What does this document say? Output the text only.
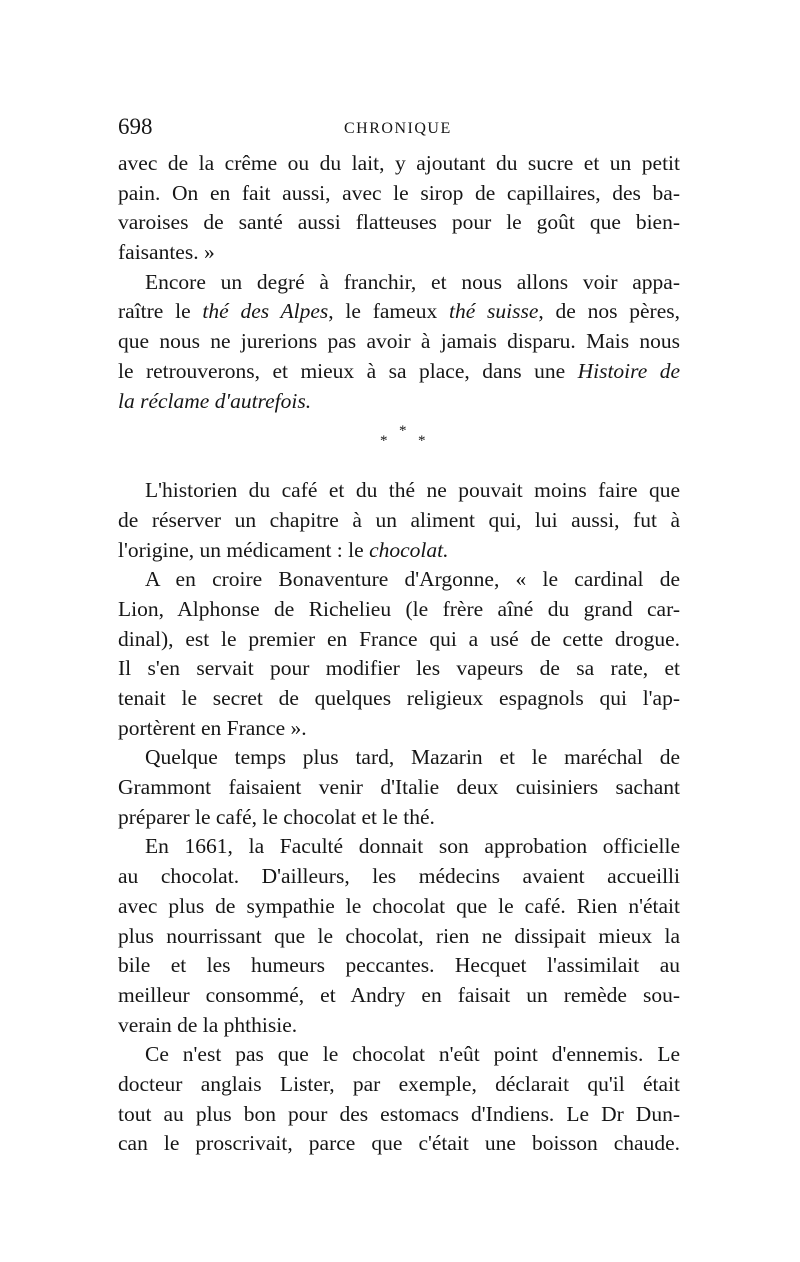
698	CHRONIQUE
avec de la crême ou du lait, y ajoutant du sucre et un petit
pain. On en fait aussi, avec le sirop de capillaires, des ba-
varoises de santé aussi flatteuses pour le goût que bien-
faisantes. »
Encore un degré à franchir, et nous allons voir appa-
raître le thé des Alpes, le fameux thé suisse, de nos pères,
que nous ne jurerions pas avoir à jamais disparu. Mais nous
le retrouverons, et mieux à sa place, dans une Histoire de
la réclame d'autrefois.
*
* *
L'historien du café et du thé ne pouvait moins faire que
de réserver un chapitre à un aliment qui, lui aussi, fut à
l'origine, un médicament : le chocolat.
A en croire Bonaventure d'Argonne, « le cardinal de
Lion, Alphonse de Richelieu (le frère aîné du grand car-
dinal), est le premier en France qui a usé de cette drogue.
Il s'en servait pour modifier les vapeurs de sa rate, et
tenait le secret de quelques religieux espagnols qui l'ap-
portèrent en France ».
Quelque temps plus tard, Mazarin et le maréchal de
Grammont faisaient venir d'Italie deux cuisiniers sachant
préparer le café, le chocolat et le thé.
En 1661, la Faculté donnait son approbation officielle
au chocolat. D'ailleurs, les médecins avaient accueilli
avec plus de sympathie le chocolat que le café. Rien n'était
plus nourrissant que le chocolat, rien ne dissipait mieux la
bile et les humeurs peccantes. Hecquet l'assimilait au
meilleur consommé, et Andry en faisait un remède sou-
verain de la phthisie.
Ce n'est pas que le chocolat n'eût point d'ennemis. Le
docteur anglais Lister, par exemple, déclarait qu'il était
tout au plus bon pour des estomacs d'Indiens. Le Dr Dun-
can le proscrivait, parce que c'était une boisson chaude.
